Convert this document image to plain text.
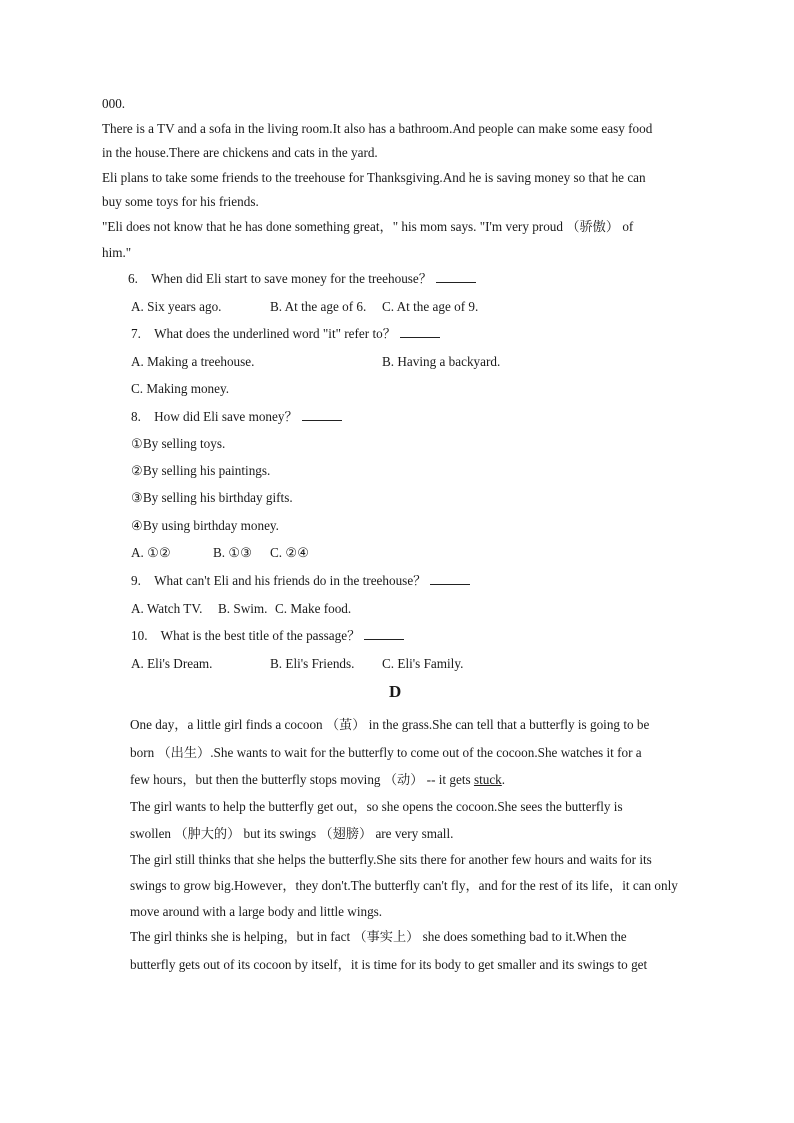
000.
There is a TV and a sofa in the living room.It also has a bathroom.And people can make some easy food
in the house.There are chickens and cats in the yard.
Eli plans to take some friends to the treehouse for Thanksgiving.And he is saving money so that he can
buy some toys for his friends.
"Eli does not know that he has done something great，" his mom says. "I'm very proud （骄傲） of
him."
6.　When did Eli start to save money for the treehouse？
A. Six years ago.	B. At the age of 6. C. At the age of 9.
7.　What does the underlined word "it" refer to？
A. Making a treehouse.	B. Having a backyard.
C. Making money.
8.　How did Eli save money？
①By selling toys.
②By selling his paintings.
③By selling his birthday gifts.
④By using birthday money.
A. ①②	B. ①③ C. ②④
9.　What can't Eli and his friends do in the treehouse？
A. Watch TV. B. Swim. C. Make food.
10.　What is the best title of the passage？
A. Eli's Dream.	B. Eli's Friends. C. Eli's Family.
D
One day，a little girl finds a cocoon （茧） in the grass.She can tell that a butterfly is going to be
born （出生）.She wants to wait for the butterfly to come out of the cocoon.She watches it for a
few hours，but then the butterfly stops moving （动） -- it gets stuck.
The girl wants to help the butterfly get out，so she opens the cocoon.She sees the butterfly is
swollen （肿大的） but its swings （翅膀） are very small.
The girl still thinks that she helps the butterfly.She sits there for another few hours and waits for its
swings to grow big.However，they don't.The butterfly can't fly，and for the rest of its life，it can only
move around with a large body and little wings.
The girl thinks she is helping，but in fact （事实上） she does something bad to it.When the
butterfly gets out of its cocoon by itself，it is time for its body to get smaller and its swings to get
